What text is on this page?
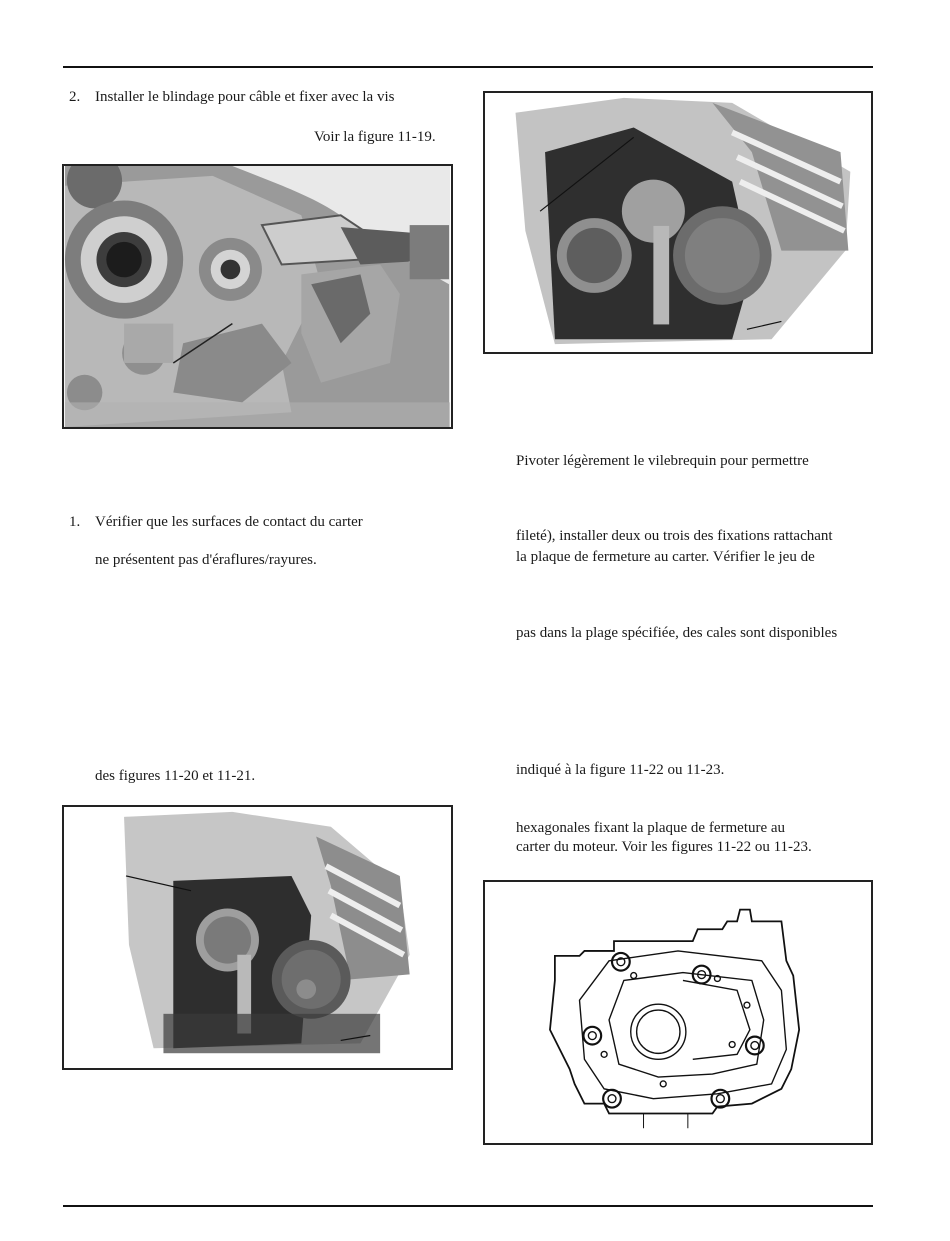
2. Installer le blindage pour câble et fixer avec la vis
Voir la figure 11-19.
1. Vérifier que les surfaces de contact du carter
ne présentent pas d'éraflures/rayures.
des figures 11-20 et 11-21.
Pivoter légèrement le vilebrequin pour permettre
fileté), installer deux ou trois des fixations rattachant
la plaque de fermeture au carter. Vérifier le jeu de
pas dans la plage spécifiée, des cales sont disponibles
indiqué à la figure 11-22 ou 11-23.
hexagonales fixant la plaque de fermeture au
carter du moteur. Voir les figures 11-22 ou 11-23.
